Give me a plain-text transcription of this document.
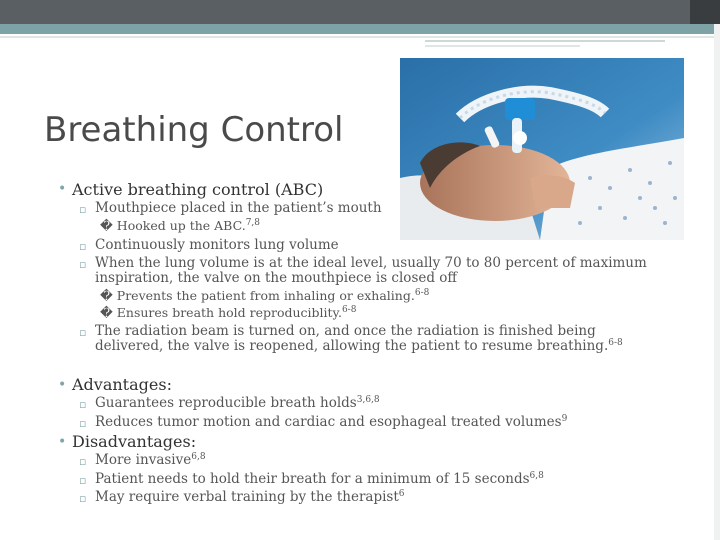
Breathing Control
• Active breathing control (ABC)
▫ Mouthpiece placed in the patient’s mouth
� Hooked up the ABC.$^{7,8}$
▫ Continuously monitors lung volume
▫ When the lung volume is at the ideal level, usually 70 to 80 percent of maximum
inspiration, the valve on the mouthpiece is closed off
� Prevents the patient from inhaling or exhaling.$^{6-8}$
� Ensures breath hold reproduciblity.$^{6-8}$
▫ The radiation beam is turned on, and once the radiation is finished being
delivered, the valve is reopened, allowing the patient to resume breathing.$^{6-8}$
• Advantages:
▫ Guarantees reproducible breath holds$^{3,6,8}$
▫ Reduces tumor motion and cardiac and esophageal treated volumes$^9$
• Disadvantages:
▫ More invasive$^{6,8}$
▫ Patient needs to hold their breath for a minimum of 15 seconds$^{6,8}$
▫ May require verbal training by the therapist$^6$
